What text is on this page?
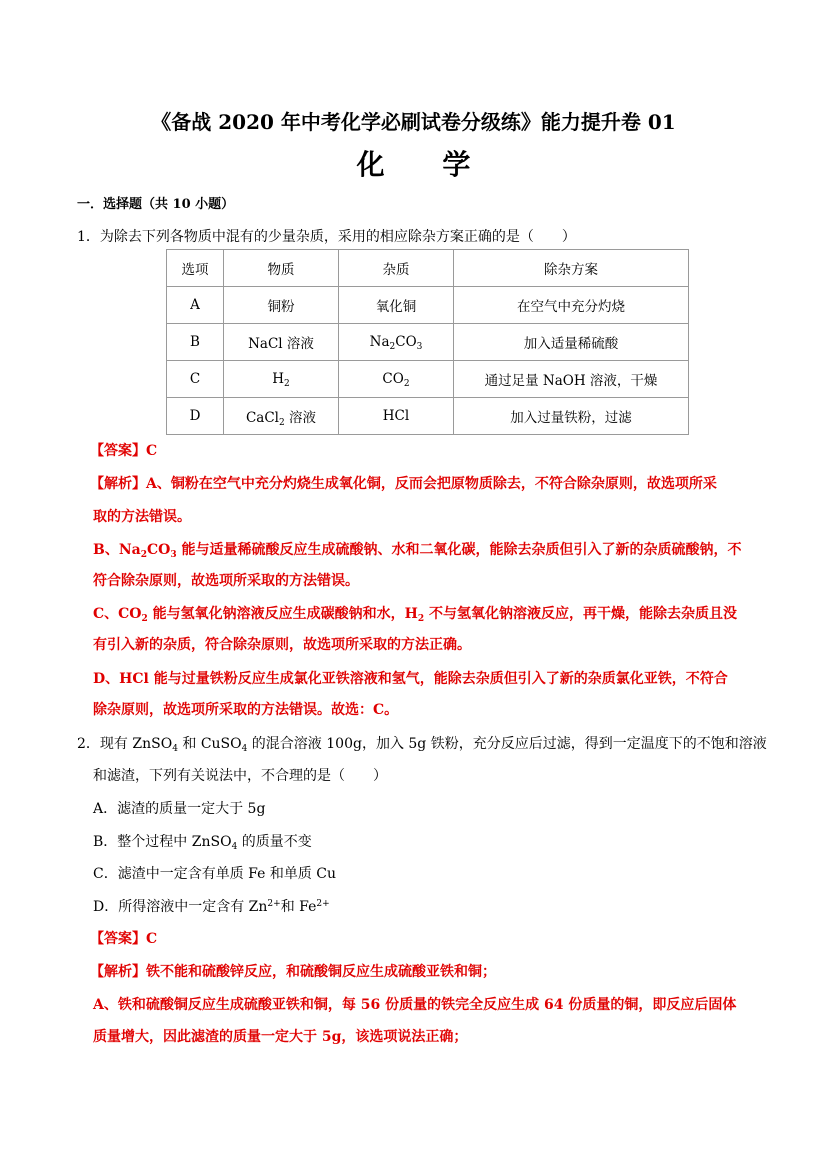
《备战 2020 年中考化学必刷试卷分级练》能力提升卷 01
化 学
一．选择题（共 10 小题）
1．为除去下列各物质中混有的少量杂质，采用的相应除杂方案正确的是（　　）
选项	物质	杂质	除杂方案
A	铜粉	氧化铜	在空气中充分灼烧
B	NaCl 溶液	$Na_2CO_3$	加入适量稀硫酸
C	$H_2$	$CO_2$	通过足量 NaOH 溶液，干燥
D	CaCl$_2$ 溶液	HCl	加入过量铁粉，过滤
【答案】C
【解析】A、铜粉在空气中充分灼烧生成氧化铜，反而会把原物质除去，不符合除杂原则，故选项所采
取的方法错误。
B、$Na_2CO_3$ 能与适量稀硫酸反应生成硫酸钠、水和二氧化碳，能除去杂质但引入了新的杂质硫酸钠，不
符合除杂原则，故选项所采取的方法错误。
C、$CO_2$ 能与氢氧化钠溶液反应生成碳酸钠和水，$H_2$ 不与氢氧化钠溶液反应，再干燥，能除去杂质且没
有引入新的杂质，符合除杂原则，故选项所采取的方法正确。
D、HCl 能与过量铁粉反应生成氯化亚铁溶液和氢气，能除去杂质但引入了新的杂质氯化亚铁，不符合
除杂原则，故选项所采取的方法错误。故选：C。
2．现有 ZnSO$_4$ 和 CuSO$_4$ 的混合溶液 100g，加入 5g 铁粉，充分反应后过滤，得到一定温度下的不饱和溶液
和滤渣，下列有关说法中，不合理的是（　　）
A．滤渣的质量一定大于 5g
B．整个过程中 ZnSO$_4$ 的质量不变
C．滤渣中一定含有单质 Fe 和单质 Cu
D．所得溶液中一定含有 $Zn^{2+}$和 $Fe^{2+}$
【答案】C
【解析】铁不能和硫酸锌反应，和硫酸铜反应生成硫酸亚铁和铜；
A、铁和硫酸铜反应生成硫酸亚铁和铜，每 56 份质量的铁完全反应生成 64 份质量的铜，即反应后固体
质量增大，因此滤渣的质量一定大于 5g，该选项说法正确；
